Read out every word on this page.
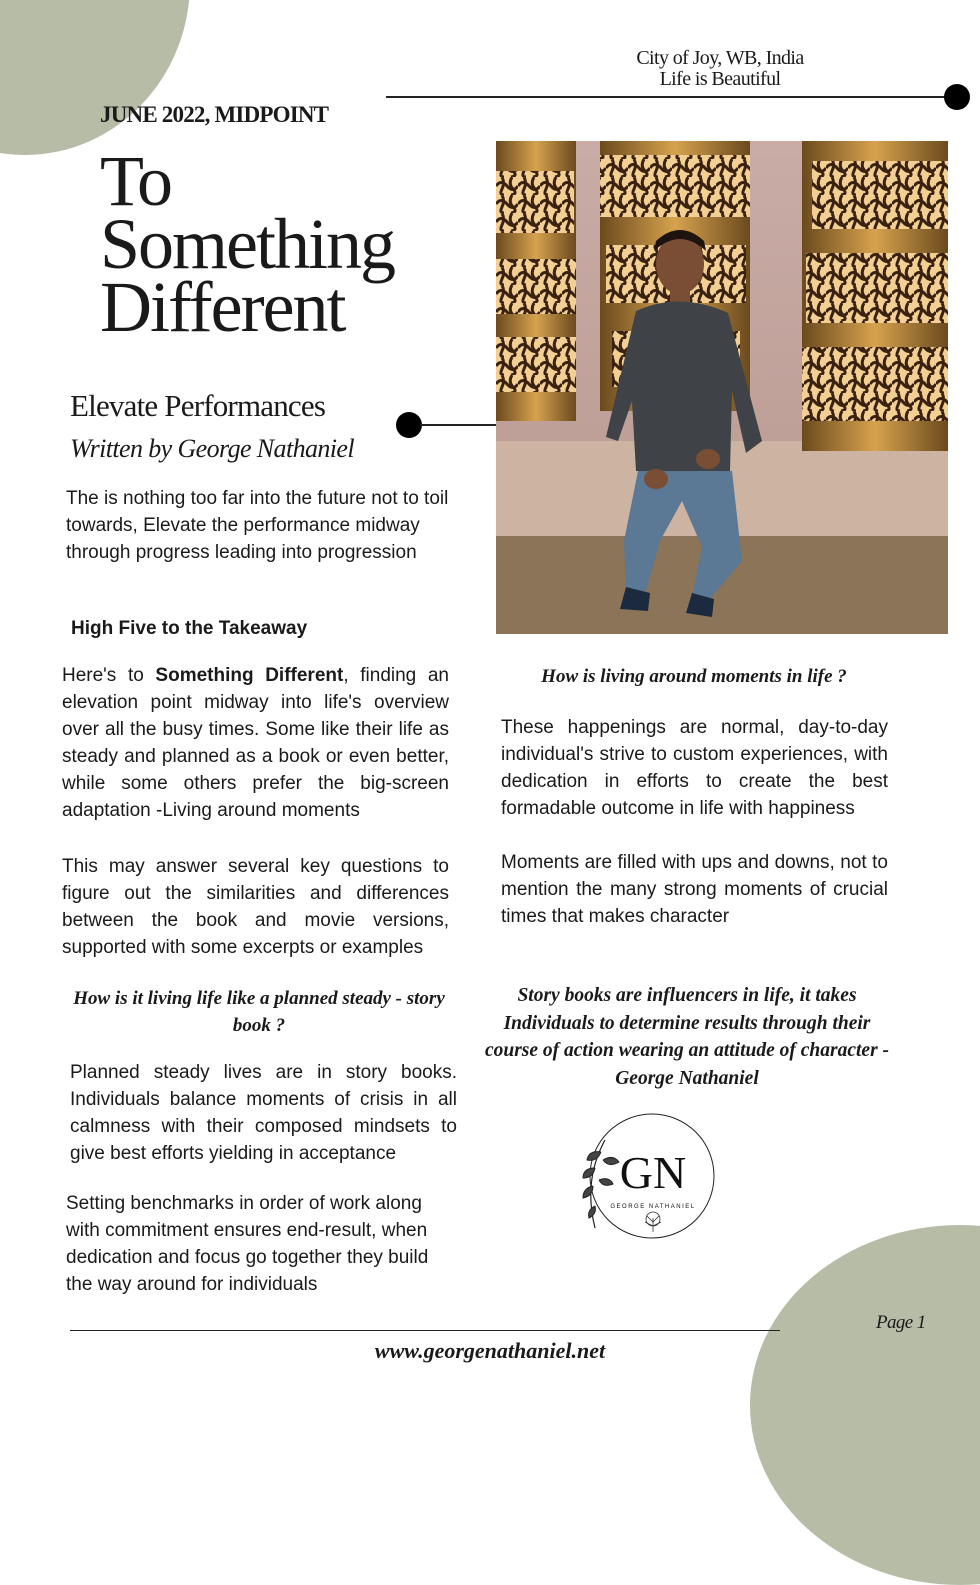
City of Joy, WB, India
Life is Beautiful
JUNE 2022, MIDPOINT
To
Something
Different
Elevate Performances
Written by George Nathaniel
The is nothing too far into the future not to toil towards, Elevate the performance midway through progress leading into progression
High Five to the Takeaway
Here's to Something Different, finding an elevation point midway into life's overview over all the busy times. Some like their life as steady and planned as a book or even better, while some others prefer the big-screen adaptation -Living around moments
This may answer several key questions to figure out the similarities and differences between the book and movie versions, supported with some excerpts or examples
How is it living life like a planned steady - story book ?
Planned steady lives are in story books. Individuals balance moments of crisis in all calmness with their composed mindsets to give best efforts yielding in acceptance
Setting benchmarks in order of work along with commitment ensures end-result, when dedication and focus go together they build the way around for individuals
How is living around moments in life ?
These happenings are normal, day-to-day individual's strive to custom experiences, with dedication in efforts to create the best formadable outcome in life with happiness
Moments are filled with ups and downs, not to mention the many strong moments of crucial times that makes character
Story books are influencers in life, it takes Individuals to determine results through their course of action wearing an attitude of character - George Nathaniel
GN
GEORGE NATHANIEL
www.georgenathaniel.net
Page 1
